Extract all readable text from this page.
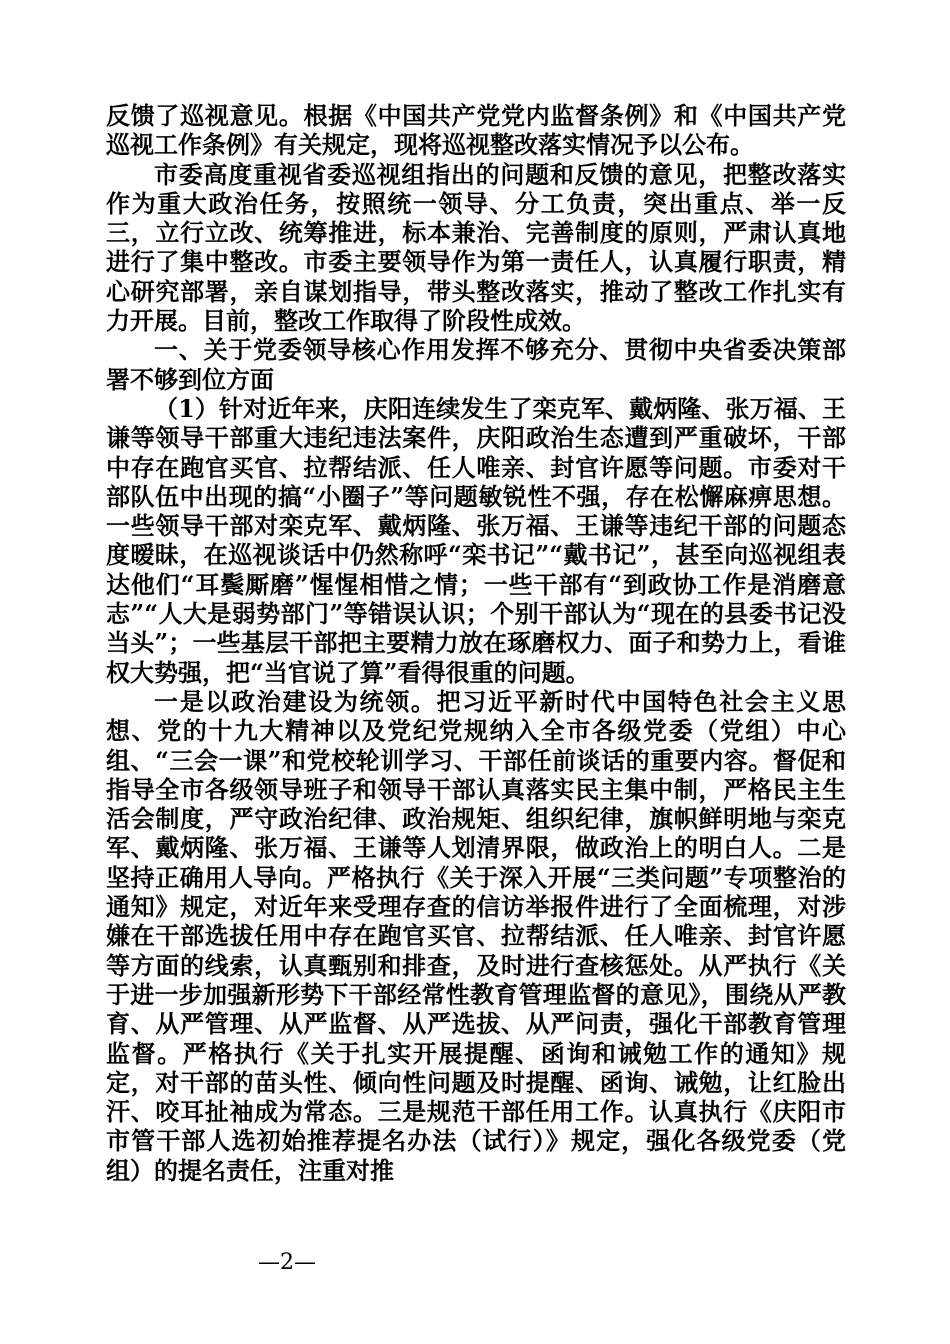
反馈了巡视意见。根据《中国共产党党内监督条例》和《中国共产党巡视工作条例》有关规定，现将巡视整改落实情况予以公布。

市委高度重视省委巡视组指出的问题和反馈的意见，把整改落实作为重大政治任务，按照统一领导、分工负责，突出重点、举一反三，立行立改、统筹推进，标本兼治、完善制度的原则，严肃认真地进行了集中整改。市委主要领导作为第一责任人，认真履行职责，精心研究部署，亲自谋划指导，带头整改落实，推动了整改工作扎实有力开展。目前，整改工作取得了阶段性成效。

一、关于党委领导核心作用发挥不够充分、贯彻中央省委决策部署不够到位方面

（1）针对近年来，庆阳连续发生了栾克军、戴炳隆、张万福、王谦等领导干部重大违纪违法案件，庆阳政治生态遭到严重破坏，干部中存在跑官买官、拉帮结派、任人唯亲、封官许愿等问题。市委对干部队伍中出现的搞“小圈子”等问题敏锐性不强，存在松懈麻痹思想。一些领导干部对栾克军、戴炳隆、张万福、王谦等违纪干部的问题态度暧昧，在巡视谈话中仍然称呼“栾书记”“戴书记”，甚至向巡视组表达他们“耳鬓厮磨”惺惺相惜之情；一些干部有“到政协工作是消磨意志”“人大是弱势部门”等错误认识；个别干部认为“现在的县委书记没当头”；一些基层干部把主要精力放在琢磨权力、面子和势力上，看谁权大势强，把“当官说了算”看得很重的问题。

一是以政治建设为统领。把习近平新时代中国特色社会主义思想、党的十九大精神以及党纪党规纳入全市各级党委（党组）中心组、“三会一课”和党校轮训学习、干部任前谈话的重要内容。督促和指导全市各级领导班子和领导干部认真落实民主集中制，严格民主生活会制度，严守政治纪律、政治规矩、组织纪律，旗帜鲜明地与栾克军、戴炳隆、张万福、王谦等人划清界限，做政治上的明白人。二是坚持正确用人导向。严格执行《关于深入开展“三类问题”专项整治的通知》规定，对近年来受理存查的信访举报件进行了全面梳理，对涉嫌在干部选拔任用中存在跑官买官、拉帮结派、任人唯亲、封官许愿等方面的线索，认真甄别和排查，及时进行查核惩处。从严执行《关于进一步加强新形势下干部经常性教育管理监督的意见》，围绕从严教育、从严管理、从严监督、从严选拔、从严问责，强化干部教育管理监督。严格执行《关于扎实开展提醒、函询和诫勉工作的通知》规定，对干部的苗头性、倾向性问题及时提醒、函询、诫勉，让红脸出汗、咬耳扯袖成为常态。三是规范干部任用工作。认真执行《庆阳市市管干部人选初始推荐提名办法（试行）》规定，强化各级党委（党组）的提名责任，注重对推

—2—
